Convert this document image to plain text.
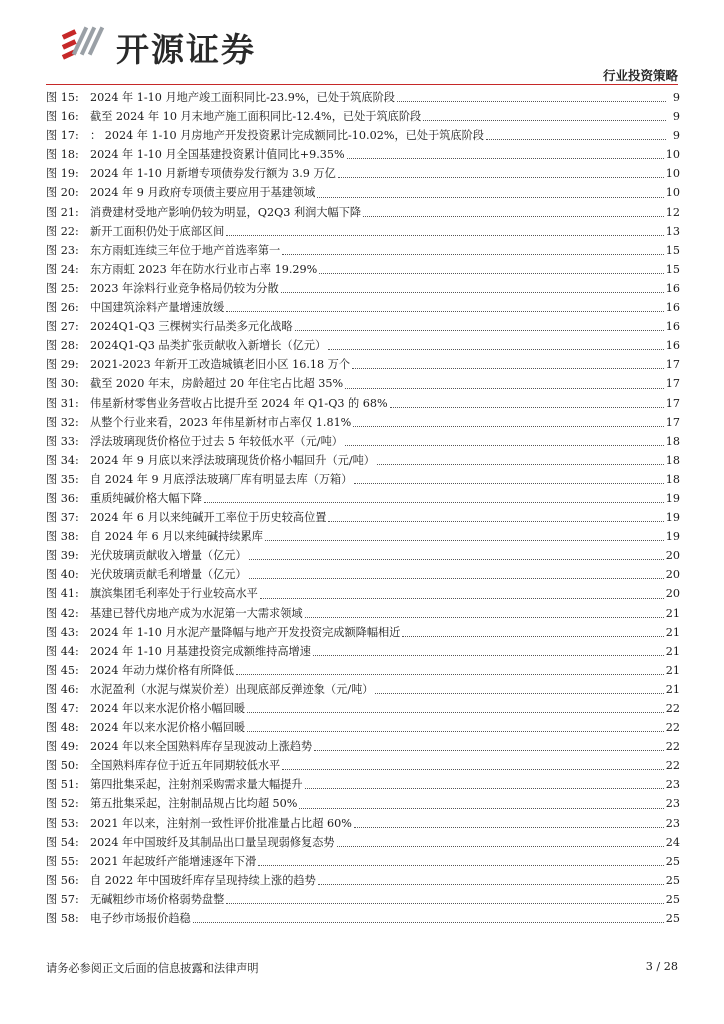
开源证券
行业投资策略
图 15:	2024 年 1-10 月地产竣工面积同比-23.9%，已处于筑底阶段	9
图 16:	截至 2024 年 10 月末地产施工面积同比-12.4%，已处于筑底阶段	9
图 17:	： 2024 年 1-10 月房地产开发投资累计完成额同比-10.02%，已处于筑底阶段	9
图 18:	2024 年 1-10 月全国基建投资累计值同比+9.35%	10
图 19:	2024 年 1-10 月新增专项债券发行额为 3.9 万亿	10
图 20:	2024 年 9 月政府专项债主要应用于基建领域	10
图 21:	消费建材受地产影响仍较为明显，Q2Q3 利润大幅下降	12
图 22:	新开工面积仍处于底部区间	13
图 23:	东方雨虹连续三年位于地产首选率第一	15
图 24:	东方雨虹 2023 年在防水行业市占率 19.29%	15
图 25:	2023 年涂料行业竞争格局仍较为分散	16
图 26:	中国建筑涂料产量增速放缓	16
图 27:	2024Q1-Q3 三棵树实行品类多元化战略	16
图 28:	2024Q1-Q3 品类扩张贡献收入新增长（亿元）	16
图 29:	2021-2023 年新开工改造城镇老旧小区 16.18 万个	17
图 30:	截至 2020 年末，房龄超过 20 年住宅占比超 35%	17
图 31:	伟星新材零售业务营收占比提升至 2024 年 Q1-Q3 的 68%	17
图 32:	从整个行业来看，2023 年伟星新材市占率仅 1.81%	17
图 33:	浮法玻璃现货价格位于过去 5 年较低水平（元/吨）	18
图 34:	2024 年 9 月底以来浮法玻璃现货价格小幅回升（元/吨）	18
图 35:	自 2024 年 9 月底浮法玻璃厂库有明显去库（万箱）	18
图 36:	重质纯碱价格大幅下降	19
图 37:	2024 年 6 月以来纯碱开工率位于历史较高位置	19
图 38:	自 2024 年 6 月以来纯碱持续累库	19
图 39:	光伏玻璃贡献收入增量（亿元）	20
图 40:	光伏玻璃贡献毛利增量（亿元）	20
图 41:	旗滨集团毛利率处于行业较高水平	20
图 42:	基建已替代房地产成为水泥第一大需求领域	21
图 43:	2024 年 1-10 月水泥产量降幅与地产开发投资完成额降幅相近	21
图 44:	2024 年 1-10 月基建投资完成额维持高增速	21
图 45:	2024 年动力煤价格有所降低	21
图 46:	水泥盈利（水泥与煤炭价差）出现底部反弹迹象（元/吨）	21
图 47:	2024 年以来水泥价格小幅回暖	22
图 48:	2024 年以来水泥价格小幅回暖	22
图 49:	2024 年以来全国熟料库存呈现波动上涨趋势	22
图 50:	全国熟料库存位于近五年同期较低水平	22
图 51:	第四批集采起，注射剂采购需求量大幅提升	23
图 52:	第五批集采起，注射制品规占比均超 50%	23
图 53:	2021 年以来，注射剂一致性评价批准量占比超 60%	23
图 54:	2024 年中国玻纤及其制品出口量呈现弱修复态势	24
图 55:	2021 年起玻纤产能增速逐年下滑	25
图 56:	自 2022 年中国玻纤库存呈现持续上涨的趋势	25
图 57:	无碱粗纱市场价格弱势盘整	25
图 58:	电子纱市场报价趋稳	25
请务必参阅正文后面的信息披露和法律声明	3 / 28
